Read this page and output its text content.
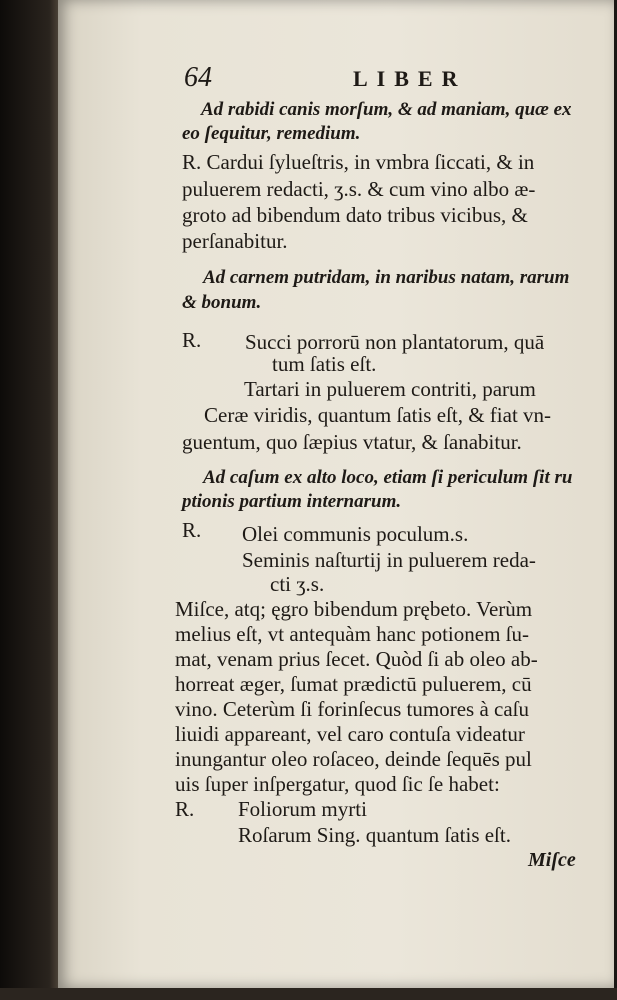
64	LIBER
Ad rabidi canis morſum, & ad maniam, quæ ex
eo ſequitur, remedium.
R. Cardui ſylueſtris, in vmbra ſiccati, & in
puluerem redacti, ʒ.s. & cum vino albo æ-
groto ad bibendum dato tribus vicibus, &
perſanabitur.
Ad carnem putridam, in naribus natam, rarum
& bonum.
R. Succi porrorū non plantatorum, quā
tum ſatis eſt.
Tartari in puluerem contriti, parum
Ceræ viridis, quantum ſatis eſt, & fiat vn-
guentum, quo ſæpius vtatur, & ſanabitur.
Ad caſum ex alto loco, etiam ſi periculum ſit ru
ptionis partium internarum.
R. Olei communis poculum.s.
Seminis naſturtij in puluerem reda-
cti ʒ.s.
Miſce, atq; ęgro bibendum prębeto. Verùm
melius eſt, vt antequàm hanc potionem ſu-
mat, venam prius ſecet. Quòd ſi ab oleo ab-
horreat æger, ſumat prædictū puluerem, cū
vino. Ceterùm ſi forinſecus tumores à caſu
liuidi appareant, vel caro contuſa videatur
inungantur oleo roſaceo, deinde ſequēs pul
uis ſuper inſpergatur, quod ſic ſe habet:
R. Foliorum myrti
Roſarum Sing. quantum ſatis eſt.
Miſce
